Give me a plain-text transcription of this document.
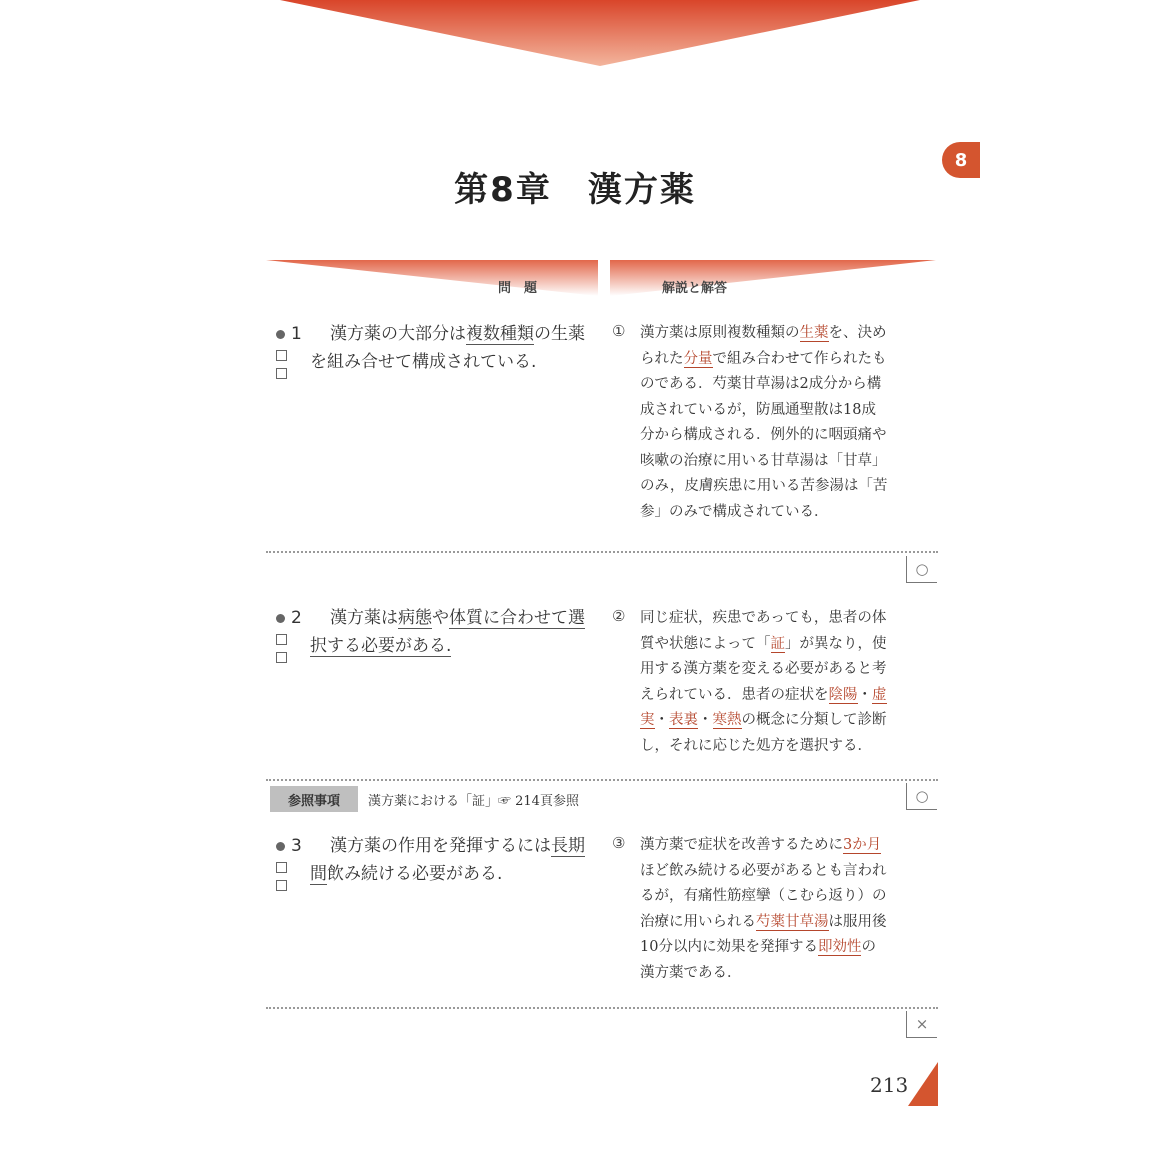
8
第8章　漢方薬
問　題	解説と解答
1	漢方薬の大部分は複数種類の生薬を組み合せて構成されている.
① 漢方薬は原則複数種類の生薬を、決め
られた分量で組み合わせて作られたも
のである．芍薬甘草湯は2成分から構
成されているが，防風通聖散は18成
分から構成される．例外的に咽頭痛や
咳嗽の治療に用いる甘草湯は「甘草」
のみ，皮膚疾患に用いる苦参湯は「苦
参」のみで構成されている．
○
2	漢方薬は病態や体質に合わせて選択する必要がある.
② 同じ症状，疾患であっても，患者の体
質や状態によって「証」が異なり，使
用する漢方薬を変える必要があると考
えられている．患者の症状を陰陽・虚
実・表裏・寒熱の概念に分類して診断
し，それに応じた処方を選択する．
参照事項	漢方薬における「証」☞ 214頁参照	○
3	漢方薬の作用を発揮するには長期間飲み続ける必要がある.
③ 漢方薬で症状を改善するために3か月
ほど飲み続ける必要があるとも言われ
るが，有痛性筋痙攣（こむら返り）の
治療に用いられる芍薬甘草湯は服用後
10分以内に効果を発揮する即効性の
漢方薬である．
×
213
